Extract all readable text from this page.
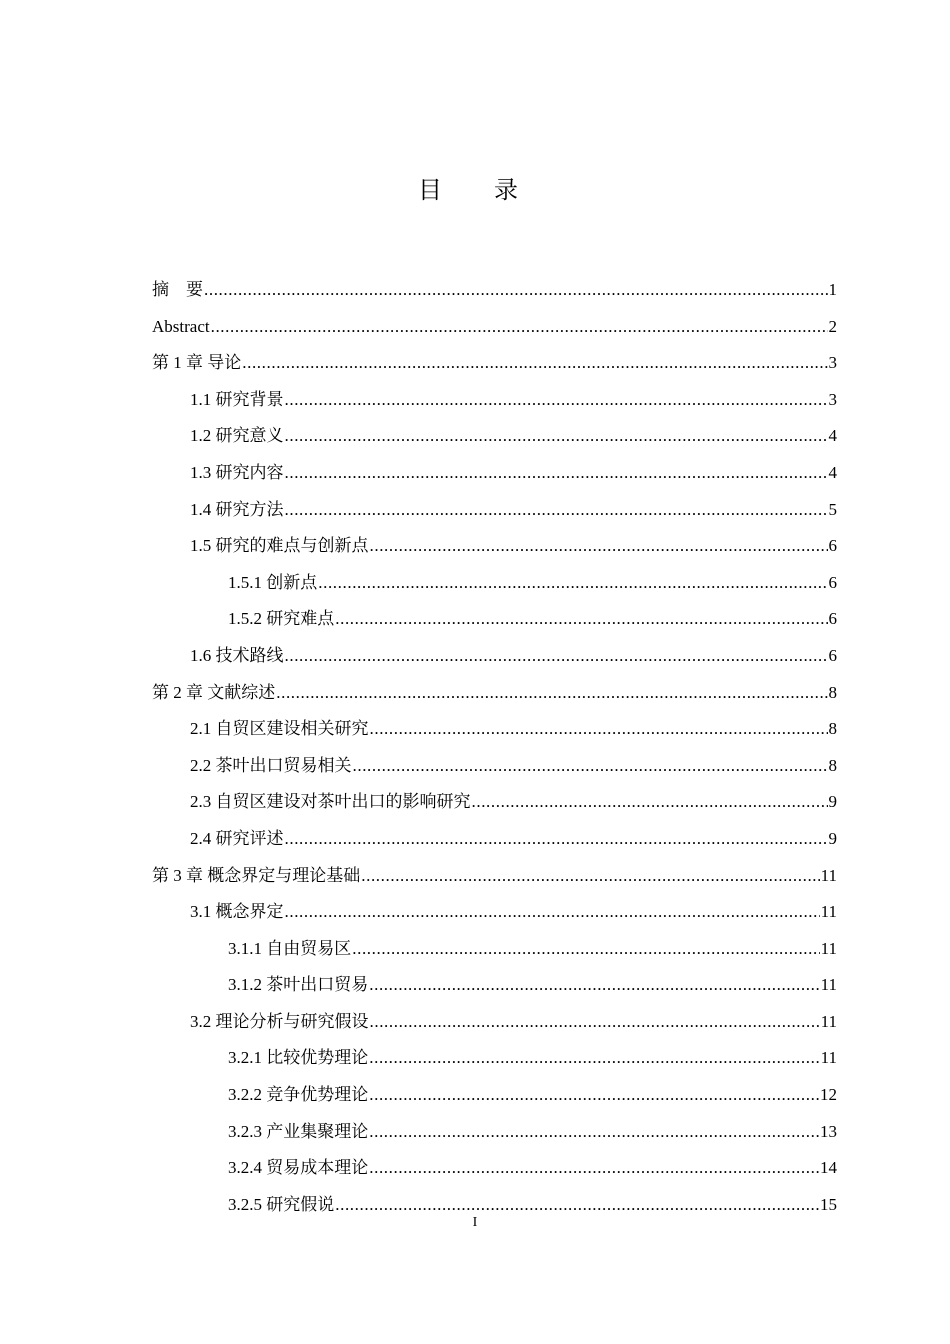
目　录
摘　要 .....	1
Abstract .....	2
第 1 章 导论 .....	3
1.1 研究背景 .....	3
1.2 研究意义 .....	4
1.3 研究内容 .....	4
1.4 研究方法 .....	5
1.5 研究的难点与创新点 .....	6
1.5.1 创新点 .....	6
1.5.2 研究难点 .....	6
1.6 技术路线 .....	6
第 2 章 文献综述 .....	8
2.1 自贸区建设相关研究 .....	8
2.2 茶叶出口贸易相关 .....	8
2.3 自贸区建设对茶叶出口的影响研究 .....	9
2.4 研究评述 .....	9
第 3 章 概念界定与理论基础 .....	11
3.1 概念界定 .....	11
3.1.1 自由贸易区 .....	11
3.1.2 茶叶出口贸易 .....	11
3.2 理论分析与研究假设 .....	11
3.2.1 比较优势理论 .....	11
3.2.2 竞争优势理论 .....	12
3.2.3 产业集聚理论 .....	13
3.2.4 贸易成本理论 .....	14
3.2.5 研究假说 .....	15
I
